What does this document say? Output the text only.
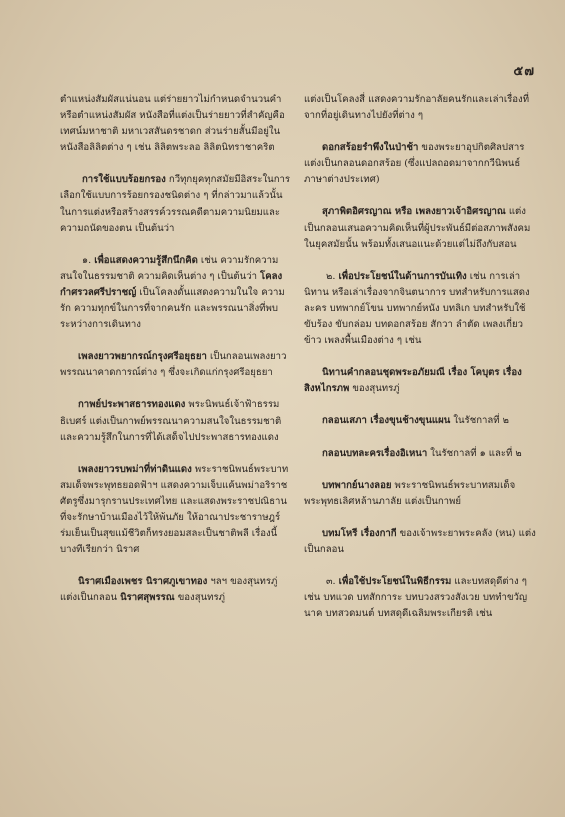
๕๗

ตำแหน่งสัมผัสแน่นอน แต่ร่ายยาวไม่กำหนดจำนวนคำหรือตำแหน่งสัมผัส หนังสือที่แต่งเป็นร่ายยาวที่สำคัญคือ เทศน์มหาชาติ มหาเวสสันดรชาดก ส่วนร่ายสั้นมีอยู่ในหนังสือลิลิตต่าง ๆ เช่น ลิลิตพระลอ ลิลิตนิทราชาคริต

การใช้แบบร้อยกรอง กวีทุกยุคทุกสมัยมีอิสระในการเลือกใช้แบบการร้อยกรองชนิดต่าง ๆ ที่กล่าวมาแล้วนั้นในการแต่งหรือสร้างสรรค์วรรณคดีตามความนิยมและความถนัดของตน เป็นต้นว่า

๑. เพื่อแสดงความรู้สึกนึกคิด เช่น ความรักความสนใจในธรรมชาติ ความคิดเห็นต่าง ๆ เป็นต้นว่า โคลงกำศรวลศรีปราชญ์ เป็นโคลงดั้นแสดงความในใจ ความรัก ความทุกข์ในการที่จากคนรัก และพรรณนาสิ่งที่พบระหว่างการเดินทาง

เพลงยาวพยากรณ์กรุงศรีอยุธยา เป็นกลอนเพลงยาวพรรณนาคาดการณ์ต่าง ๆ ซึ่งจะเกิดแก่กรุงศรีอยุธยา

กาพย์ประพาสธารทองแดง พระนิพนธ์เจ้าฟ้าธรรมธิเบศร์ แต่งเป็นกาพย์พรรณนาความสนใจในธรรมชาติและความรู้สึกในการที่ได้เสด็จไปประพาสธารทองแดง

เพลงยาวรบพม่าที่ท่าดินแดง พระราชนิพนธ์พระบาทสมเด็จพระพุทธยอดฟ้าฯ แสดงความเจ็บแค้นพม่าอริราชศัตรูซึ่งมารุกรานประเทศไทย และแสดงพระราชปณิธานที่จะรักษาบ้านเมืองไว้ให้พ้นภัย ให้อาณาประชาราษฎร์ร่มเย็นเป็นสุขแม้ชีวิตก็ทรงยอมสละเป็นชาติพลี เรื่องนี้บางทีเรียกว่า นิราศ

นิราศเมืองเพชร นิราศภูเขาทอง ฯลฯ ของสุนทรภู่ แต่งเป็นกลอน นิราศสุพรรณ ของสุนทรภู่

แต่งเป็นโคลงสี่ แสดงความรักอาลัยคนรักและเล่าเรื่องที่จากที่อยู่เดินทางไปยังที่ต่าง ๆ

ดอกสร้อยรำพึงในป่าช้า ของพระยาอุปกิตศิลปสาร แต่งเป็นกลอนดอกสร้อย (ซึ่งแปลถอดมาจากกวีนิพนธ์ภาษาต่างประเทศ)

สุภาพิตอิศรญาณ หรือ เพลงยาวเจ้าอิศรญาณ แต่งเป็นกลอนเสนอความคิดเห็นที่ผู้ประพันธ์มีต่อสภาพสังคมในยุคสมัยนั้น พร้อมทั้งเสนอแนะด้วยแต่ไม่ถึงกับสอน

๒. เพื่อประโยชน์ในด้านการบันเทิง เช่น การเล่านิทาน หรือเล่าเรื่องจากจินตนาการ บทสำหรับการแสดงละคร บทพากย์โขน บทพากย์หนัง บทลิเก บทสำหรับใช้ขับร้อง ขับกล่อม บทดอกสร้อย สักวา ลำตัด เพลงเกี่ยวข้าว เพลงพื้นเมืองต่าง ๆ เช่น

นิทานคำกลอนชุดพระอภัยมณี เรื่อง โคบุตร เรื่องสิงหไกรภพ ของสุนทรภู่

กลอนเสภา เรื่องขุนช้างขุนแผน ในรัชกาลที่ ๒

กลอนบทละครเรื่องอิเหนา ในรัชกาลที่ ๑ และที่ ๒

บทพากย์นางลอย พระราชนิพนธ์พระบาทสมเด็จพระพุทธเลิศหล้านภาลัย แต่งเป็นกาพย์

บทมโหรี เรื่องกากี ของเจ้าพระยาพระคลัง (หน) แต่งเป็นกลอน

๓. เพื่อใช้ประโยชน์ในพิธีกรรม และบทสดุดีต่าง ๆ เช่น บทแวด บทสักการะ บทบวงสรวงสังเวย บททำขวัญนาค บทสวดมนต์ บทสดุดีเฉลิมพระเกียรติ เช่น
